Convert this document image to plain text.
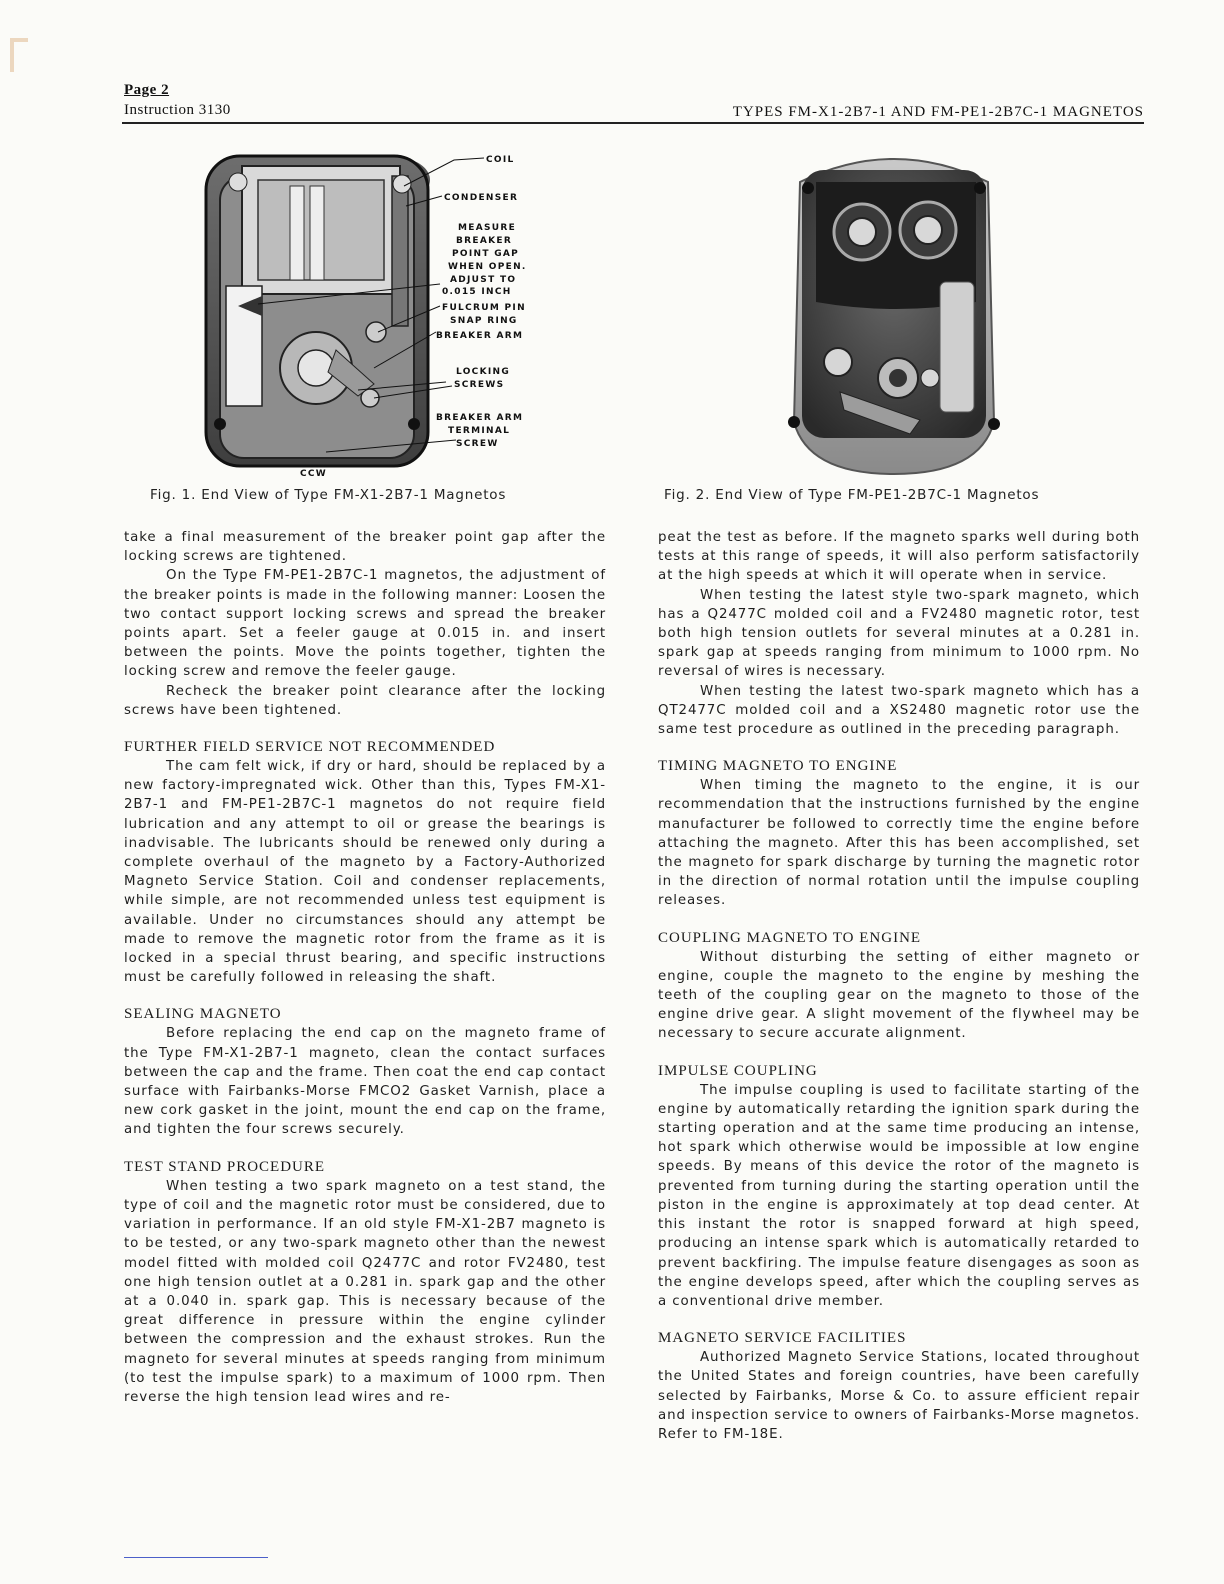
Page 2
Instruction 3130	TYPES FM-X1-2B7-1 AND FM-PE1-2B7C-1 MAGNETOS
COIL
CONDENSER
MEASURE
BREAKER
POINT GAP
WHEN OPEN.
ADJUST TO
0.015 INCH
FULCRUM PIN
SNAP RING
BREAKER ARM
LOCKING
SCREWS
BREAKER ARM
TERMINAL
SCREW
CCW
Fig. 1. End View of Type FM-X1-2B7-1 Magnetos	Fig. 2. End View of Type FM-PE1-2B7C-1 Magnetos

take a final measurement of the breaker point gap after the locking screws are tightened.

On the Type FM-PE1-2B7C-1 magnetos, the adjustment of the breaker points is made in the following manner: Loosen the two contact support locking screws and spread the breaker points apart. Set a feeler gauge at 0.015 in. and insert between the points. Move the points together, tighten the locking screw and remove the feeler gauge.

Recheck the breaker point clearance after the locking screws have been tightened.

FURTHER FIELD SERVICE NOT RECOMMENDED

The cam felt wick, if dry or hard, should be replaced by a new factory-impregnated wick. Other than this, Types FM-X1-2B7-1 and FM-PE1-2B7C-1 magnetos do not require field lubrication and any attempt to oil or grease the bearings is inadvisable. The lubricants should be renewed only during a complete overhaul of the magneto by a Factory-Authorized Magneto Service Station. Coil and condenser replacements, while simple, are not recommended unless test equipment is available. Under no circumstances should any attempt be made to remove the magnetic rotor from the frame as it is locked in a special thrust bearing, and specific instructions must be carefully followed in releasing the shaft.

SEALING MAGNETO

Before replacing the end cap on the magneto frame of the Type FM-X1-2B7-1 magneto, clean the contact surfaces between the cap and the frame. Then coat the end cap contact surface with Fairbanks-Morse FMCO2 Gasket Varnish, place a new cork gasket in the joint, mount the end cap on the frame, and tighten the four screws securely.

TEST STAND PROCEDURE

When testing a two spark magneto on a test stand, the type of coil and the magnetic rotor must be considered, due to variation in performance. If an old style FM-X1-2B7 magneto is to be tested, or any two-spark magneto other than the newest model fitted with molded coil Q2477C and rotor FV2480, test one high tension outlet at a 0.281 in. spark gap and the other at a 0.040 in. spark gap. This is necessary because of the great difference in pressure within the engine cylinder between the compression and the exhaust strokes. Run the magneto for several minutes at speeds ranging from minimum (to test the impulse spark) to a maximum of 1000 rpm. Then reverse the high tension lead wires and re-

peat the test as before. If the magneto sparks well during both tests at this range of speeds, it will also perform satisfactorily at the high speeds at which it will operate when in service.

When testing the latest style two-spark magneto, which has a Q2477C molded coil and a FV2480 magnetic rotor, test both high tension outlets for several minutes at a 0.281 in. spark gap at speeds ranging from minimum to 1000 rpm. No reversal of wires is necessary.

When testing the latest two-spark magneto which has a QT2477C molded coil and a XS2480 magnetic rotor use the same test procedure as outlined in the preceding paragraph.

TIMING MAGNETO TO ENGINE

When timing the magneto to the engine, it is our recommendation that the instructions furnished by the engine manufacturer be followed to correctly time the engine before attaching the magneto. After this has been accomplished, set the magneto for spark discharge by turning the magnetic rotor in the direction of normal rotation until the impulse coupling releases.

COUPLING MAGNETO TO ENGINE

Without disturbing the setting of either magneto or engine, couple the magneto to the engine by meshing the teeth of the coupling gear on the magneto to those of the engine drive gear. A slight movement of the flywheel may be necessary to secure accurate alignment.

IMPULSE COUPLING

The impulse coupling is used to facilitate starting of the engine by automatically retarding the ignition spark during the starting operation and at the same time producing an intense, hot spark which otherwise would be impossible at low engine speeds. By means of this device the rotor of the magneto is prevented from turning during the starting operation until the piston in the engine is approximately at top dead center. At this instant the rotor is snapped forward at high speed, producing an intense spark which is automatically retarded to prevent backfiring. The impulse feature disengages as soon as the engine develops speed, after which the coupling serves as a conventional drive member.

MAGNETO SERVICE FACILITIES

Authorized Magneto Service Stations, located throughout the United States and foreign countries, have been carefully selected by Fairbanks, Morse & Co. to assure efficient repair and inspection service to owners of Fairbanks-Morse magnetos. Refer to FM-18E.
